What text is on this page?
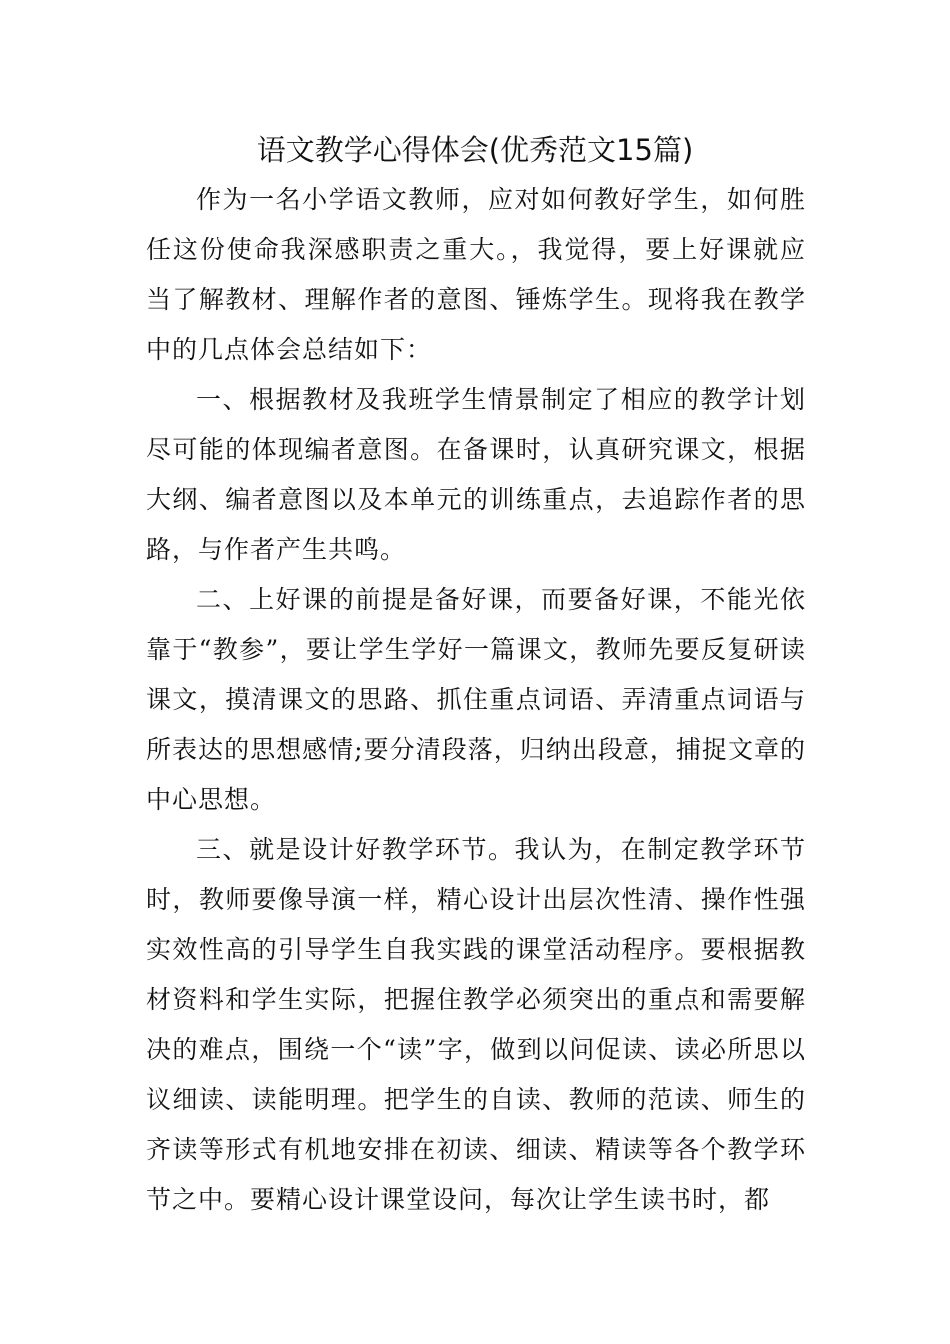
语文教学心得体会(优秀范文15篇)

作为一名小学语文教师，应对如何教好学生，如何胜任这份使命我深感职责之重大。，我觉得，要上好课就应当了解教材、理解作者的意图、锤炼学生。现将我在教学中的几点体会总结如下：

一、根据教材及我班学生情景制定了相应的教学计划尽可能的体现编者意图。在备课时，认真研究课文，根据大纲、编者意图以及本单元的训练重点，去追踪作者的思路，与作者产生共鸣。

二、上好课的前提是备好课，而要备好课，不能光依靠于“教参”，要让学生学好一篇课文，教师先要反复研读课文，摸清课文的思路、抓住重点词语、弄清重点词语与所表达的思想感情;要分清段落，归纳出段意，捕捉文章的中心思想。

三、就是设计好教学环节。我认为，在制定教学环节时，教师要像导演一样，精心设计出层次性清、操作性强实效性高的引导学生自我实践的课堂活动程序。要根据教材资料和学生实际，把握住教学必须突出的重点和需要解决的难点，围绕一个“读”字，做到以问促读、读必所思以议细读、读能明理。把学生的自读、教师的范读、师生的齐读等形式有机地安排在初读、细读、精读等各个教学环节之中。要精心设计课堂设问，每次让学生读书时，都
